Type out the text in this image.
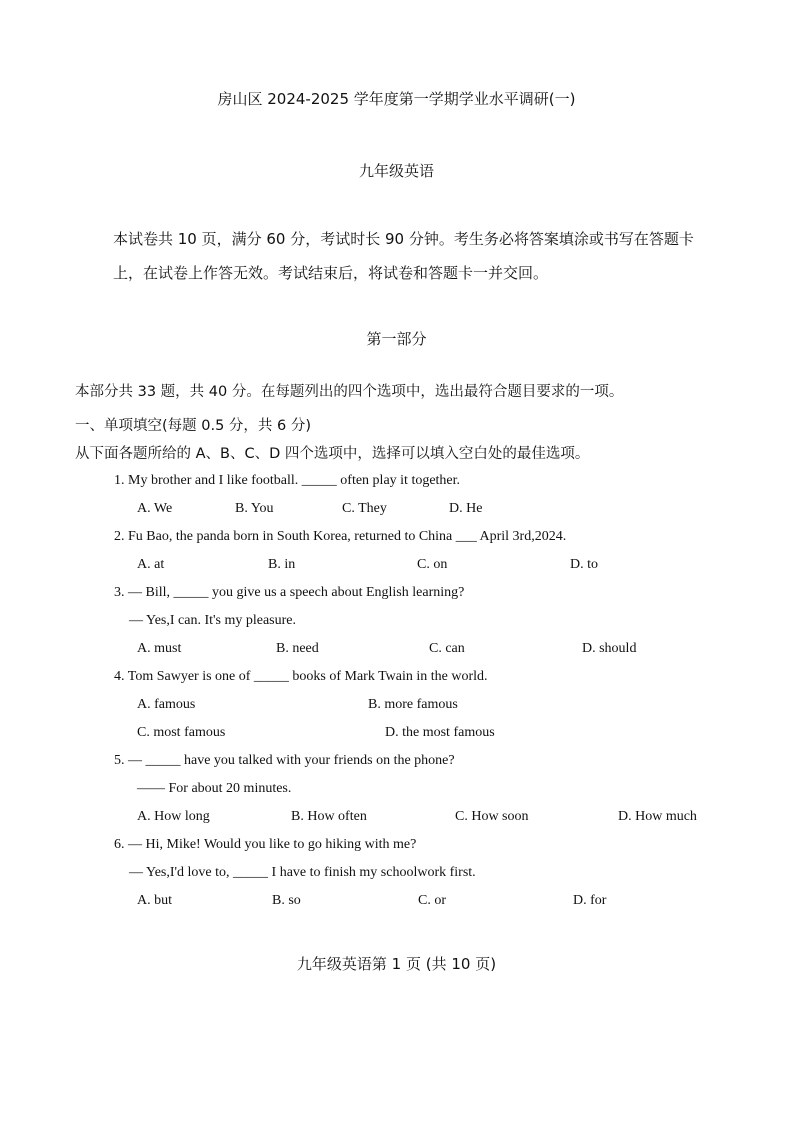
房山区 2024-2025 学年度第一学期学业水平调研(一)
九年级英语
本试卷共 10 页，满分 60 分，考试时长 90 分钟。考生务必将答案填涂或书写在答题卡
上，在试卷上作答无效。考试结束后，将试卷和答题卡一并交回。
第一部分
本部分共 33 题，共 40 分。在每题列出的四个选项中，选出最符合题目要求的一项。
一、单项填空(每题 0.5 分，共 6 分)
从下面各题所给的 A、B、C、D 四个选项中，选择可以填入空白处的最佳选项。
1. My brother and I like football. _____ often play it together.
A. We	B. You	C. They	D. He
2. Fu Bao, the panda born in South Korea, returned to China ___ April 3rd,2024.
A. at	B. in	C. on	D. to
3. — Bill, _____ you give us a speech about English learning?
— Yes,I can. It's my pleasure.
A. must	B. need	C. can	D. should
4. Tom Sawyer is one of _____ books of Mark Twain in the world.
A. famous	B. more famous
C. most famous	D. the most famous
5. — _____ have you talked with your friends on the phone?
—— For about 20 minutes.
A. How long	B. How often	C. How soon	D. How much
6. — Hi, Mike! Would you like to go hiking with me?
— Yes,I'd love to, _____ I have to finish my schoolwork first.
A. but	B. so	C. or	D. for
九年级英语第 1 页 (共 10 页)
